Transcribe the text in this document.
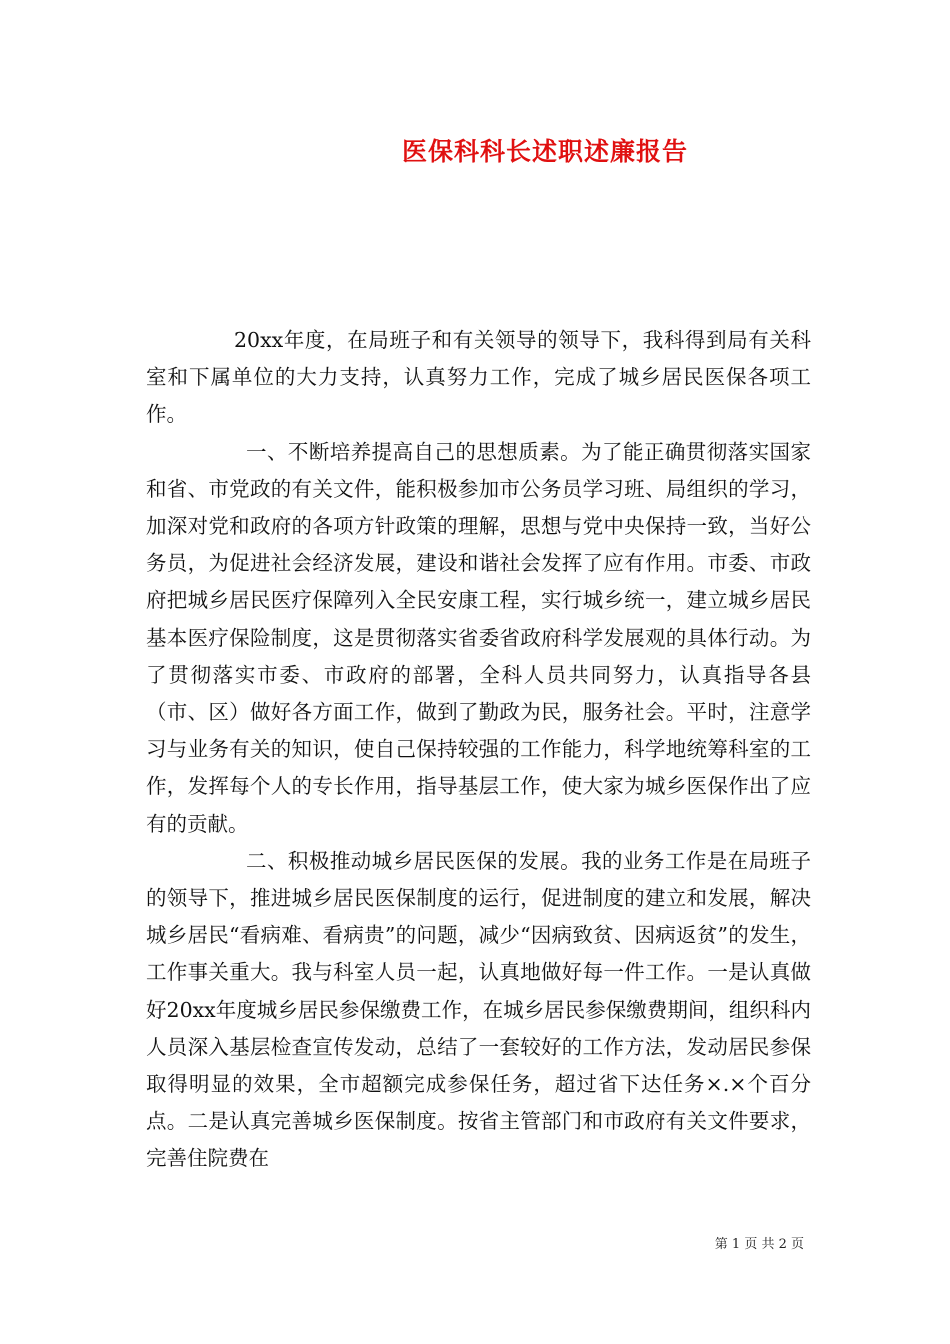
医保科科长述职述廉报告

20xx年度，在局班子和有关领导的领导下，我科得到局有关科室和下属单位的大力支持，认真努力工作，完成了城乡居民医保各项工作。

一、不断培养提高自己的思想质素。为了能正确贯彻落实国家和省、市党政的有关文件，能积极参加市公务员学习班、局组织的学习，加深对党和政府的各项方针政策的理解，思想与党中央保持一致，当好公务员，为促进社会经济发展，建设和谐社会发挥了应有作用。市委、市政府把城乡居民医疗保障列入全民安康工程，实行城乡统一，建立城乡居民基本医疗保险制度，这是贯彻落实省委省政府科学发展观的具体行动。为了贯彻落实市委、市政府的部署，全科人员共同努力，认真指导各县（市、区）做好各方面工作，做到了勤政为民，服务社会。平时，注意学习与业务有关的知识，使自己保持较强的工作能力，科学地统筹科室的工作，发挥每个人的专长作用，指导基层工作，使大家为城乡医保作出了应有的贡献。

二、积极推动城乡居民医保的发展。我的业务工作是在局班子的领导下，推进城乡居民医保制度的运行，促进制度的建立和发展，解决城乡居民“看病难、看病贵”的问题，减少“因病致贫、因病返贫”的发生，工作事关重大。我与科室人员一起，认真地做好每一件工作。一是认真做好20xx年度城乡居民参保缴费工作，在城乡居民参保缴费期间，组织科内人员深入基层检查宣传发动，总结了一套较好的工作方法，发动居民参保取得明显的效果，全市超额完成参保任务，超过省下达任务×.×个百分点。二是认真完善城乡医保制度。按省主管部门和市政府有关文件要求，完善住院费在

第 1 页 共 2 页
